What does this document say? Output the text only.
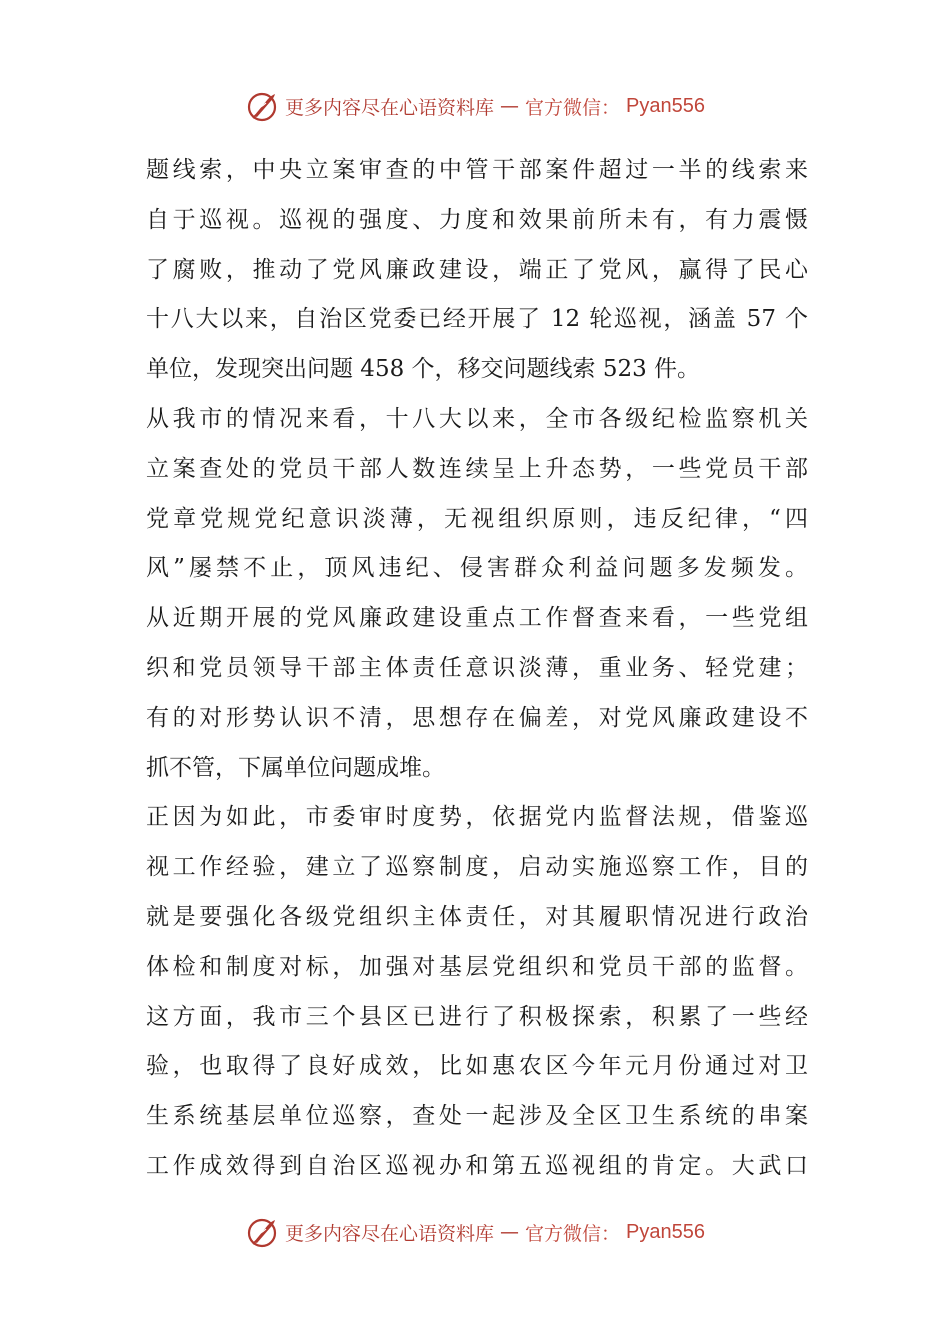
更多内容尽在心语资料库 — 官方微信： Pyan556
题线索，中央立案审查的中管干部案件超过一半的线索来
自于巡视。巡视的强度、力度和效果前所未有，有力震慑
了腐败，推动了党风廉政建设，端正了党风，赢得了民心
十八大以来，自治区党委已经开展了 12 轮巡视，涵盖 57 个
单位，发现突出问题 458 个，移交问题线索 523 件。
从我市的情况来看，十八大以来，全市各级纪检监察机关
立案查处的党员干部人数连续呈上升态势，一些党员干部
党章党规党纪意识淡薄，无视组织原则，违反纪律，“四
风”屡禁不止，顶风违纪、侵害群众利益问题多发频发。
从近期开展的党风廉政建设重点工作督查来看，一些党组
织和党员领导干部主体责任意识淡薄，重业务、轻党建；
有的对形势认识不清，思想存在偏差，对党风廉政建设不
抓不管，下属单位问题成堆。
正因为如此，市委审时度势，依据党内监督法规，借鉴巡
视工作经验，建立了巡察制度，启动实施巡察工作，目的
就是要强化各级党组织主体责任，对其履职情况进行政治
体检和制度对标，加强对基层党组织和党员干部的监督。
这方面，我市三个县区已进行了积极探索，积累了一些经
验，也取得了良好成效，比如惠农区今年元月份通过对卫
生系统基层单位巡察，查处一起涉及全区卫生系统的串案
工作成效得到自治区巡视办和第五巡视组的肯定。大武口
更多内容尽在心语资料库 — 官方微信： Pyan556
